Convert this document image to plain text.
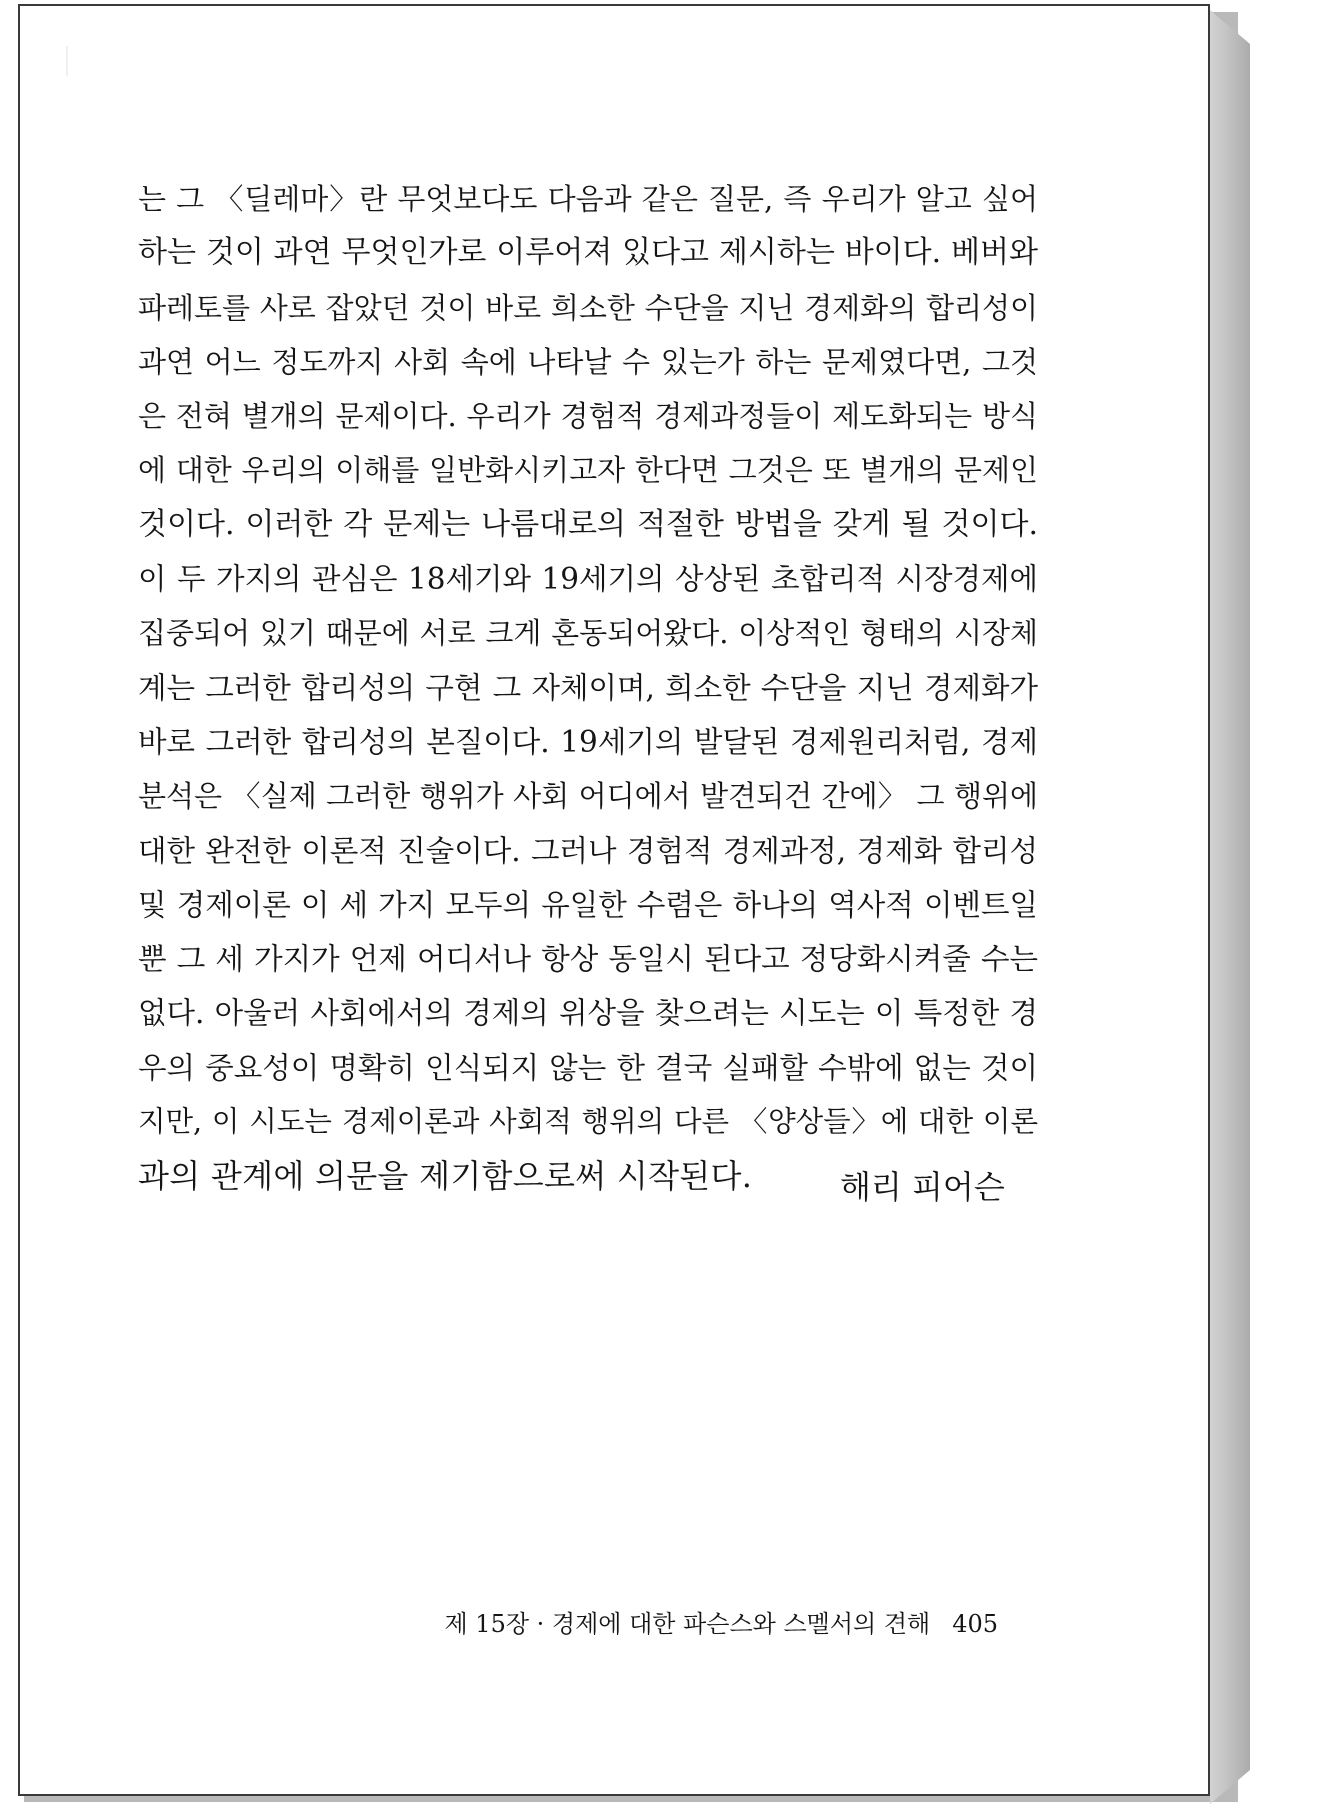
는 그 〈딜레마〉란 무엇보다도 다음과 같은 질문, 즉 우리가 알고 싶어
하는 것이 과연 무엇인가로 이루어져 있다고 제시하는 바이다. 베버와
파레토를 사로 잡았던 것이 바로 희소한 수단을 지닌 경제화의 합리성이
과연 어느 정도까지 사회 속에 나타날 수 있는가 하는 문제였다면, 그것
은 전혀 별개의 문제이다. 우리가 경험적 경제과정들이 제도화되는 방식
에 대한 우리의 이해를 일반화시키고자 한다면 그것은 또 별개의 문제인
것이다. 이러한 각 문제는 나름대로의 적절한 방법을 갖게 될 것이다.
이 두 가지의 관심은 18세기와 19세기의 상상된 초합리적 시장경제에
집중되어 있기 때문에 서로 크게 혼동되어왔다. 이상적인 형태의 시장체
계는 그러한 합리성의 구현 그 자체이며, 희소한 수단을 지닌 경제화가
바로 그러한 합리성의 본질이다. 19세기의 발달된 경제원리처럼, 경제
분석은 〈실제 그러한 행위가 사회 어디에서 발견되건 간에〉 그 행위에
대한 완전한 이론적 진술이다. 그러나 경험적 경제과정, 경제화 합리성
및 경제이론 이 세 가지 모두의 유일한 수렴은 하나의 역사적 이벤트일
뿐 그 세 가지가 언제 어디서나 항상 동일시 된다고 정당화시켜줄 수는
없다. 아울러 사회에서의 경제의 위상을 찾으려는 시도는 이 특정한 경
우의 중요성이 명확히 인식되지 않는 한 결국 실패할 수밖에 없는 것이
지만, 이 시도는 경제이론과 사회적 행위의 다른 〈양상들〉에 대한 이론
과의 관계에 의문을 제기함으로써 시작된다.	해리 피어슨
제 15장 · 경제에 대한 파슨스와 스멜서의 견해 405
